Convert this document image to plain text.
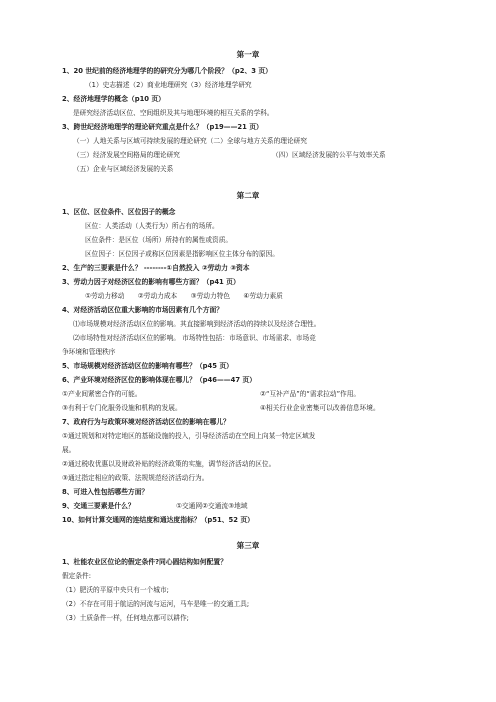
第一章
1、20 世纪前的经济地理学的的研究分为哪几个阶段？（p2、3 页）
（1）史志描述（2）商业地理研究（3）经济地理学研究
2、经济地理学的概念（p10 页）
是研究经济活动区位、空间组织及其与地理环境的相互关系的学科。
3、跨世纪经济地理学的理论研究重点是什么？（p19——21 页）
（一）人地关系与区域可持续发展的理论研究（二）全球与地方关系的理论研究
（三）经济发展空间格局的理论研究	（四）区域经济发展的公平与效率关系
（五）企业与区域经济发展的关系
第二章
1、区位、区位条件、区位因子的概念
区位：人类活动（人类行为）所占有的场所。
区位条件：是区位（场所）所持有的属性或资质。
区位因子：区位因子或称区位因素是指影响区位主体分布的原因。
2、生产的三要素是什么？ --------①自然投入 ②劳动力 ③资本
3、劳动力因子对经济区位的影响有哪些方面？（p41 页）
①劳动力移动　　②劳动力成本　　③劳动力特色　　④劳动力素质
4、对经济活动区位重大影响的市场因素有几个方面？
⑴市场规模对经济活动区位的影响。其直接影响到经济活动的持续以及经济合理性。
⑵市场特性对经济活动区位的影响。 市场特性包括：市场意识、市场需求、市场竞
争环境和管理秩序
5、市场规模对经济活动区位的影响有哪些？（p45 页）
6、产业环境对经济区位的影响体现在哪儿？（p46——47 页）
①产业间紧密合作的可能。	②“互补产品”的“需求拉动”作用。
③有利于专门化服务设施和机构的发展。	④相关行业企业密集可以改善信息环境。
7、政府行为与政策环境对经济活动区位的影响在哪儿？
①通过规划和对特定地区的基础设施的投入，引导经济活动在空间上向某一特定区域发
展。
②通过税收优惠以及财政补贴的经济政策的实施，调节经济活动的区位。
③通过指定相应的政策、法规规范经济活动行为。
8、可进入性包括哪些方面？
9、交通三要素是什么？	①交通网②交通流③地域
10、如何计算交通网的连结度和通达度指标？（p51、52 页）
第三章
1、杜能农业区位论的假定条件?同心圆结构如何配置？
假定条件:
（1）肥沃的平原中央只有一个城市;
（2）不存在可用于航运的河流与运河，马车是唯一的交通工具;
（3）土质条件一样，任何地点都可以耕作;
